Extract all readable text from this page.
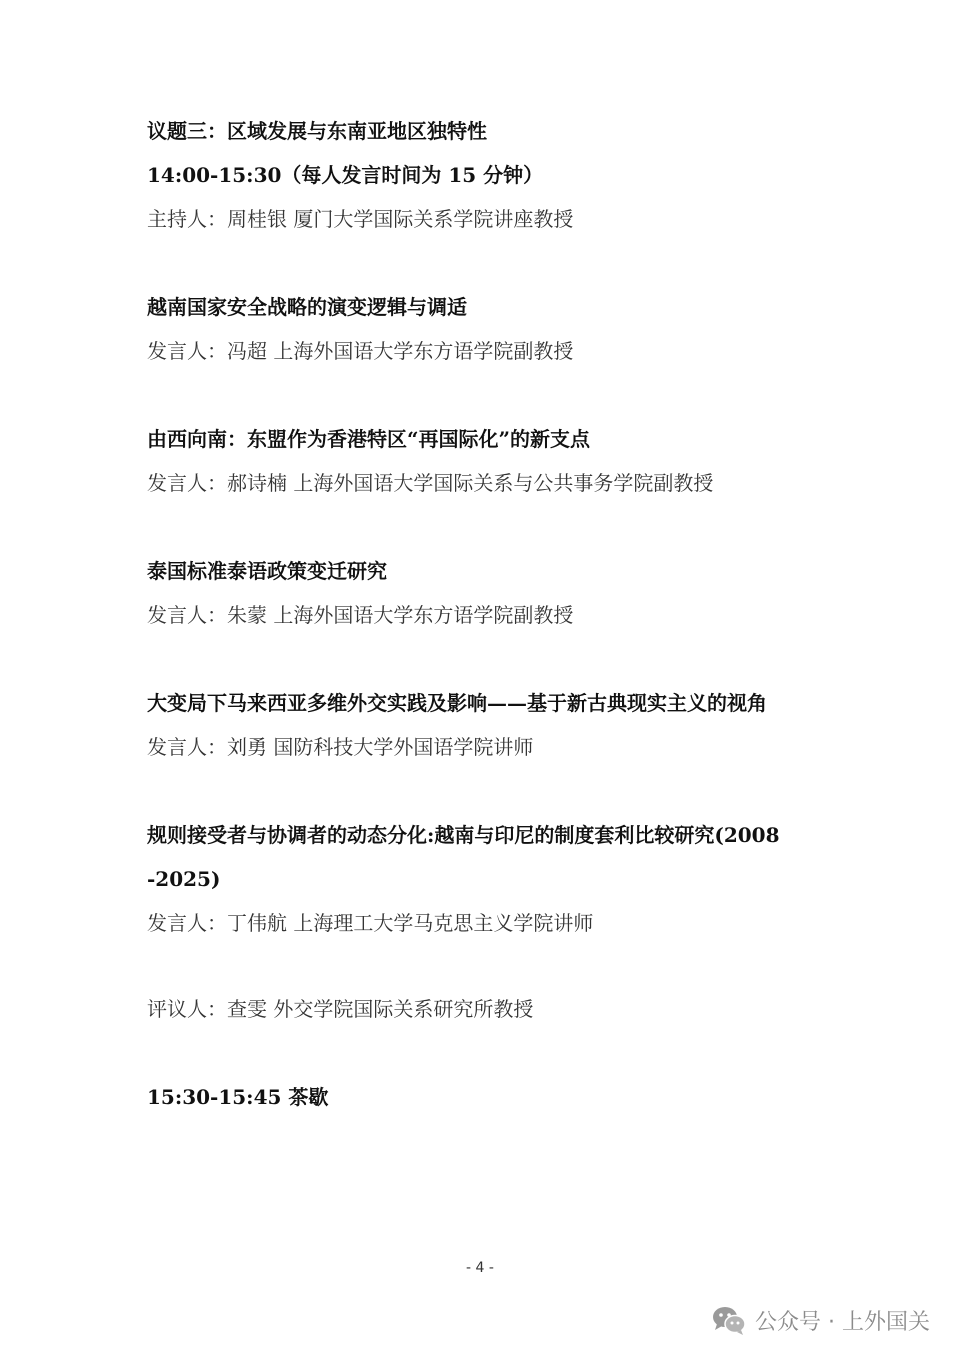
议题三：区域发展与东南亚地区独特性
14:00-15:30（每人发言时间为 15 分钟）
主持人：周桂银 厦门大学国际关系学院讲座教授
越南国家安全战略的演变逻辑与调适
发言人：冯超 上海外国语大学东方语学院副教授
由西向南：东盟作为香港特区“再国际化”的新支点
发言人：郝诗楠 上海外国语大学国际关系与公共事务学院副教授
泰国标准泰语政策变迁研究
发言人：朱蒙 上海外国语大学东方语学院副教授
大变局下马来西亚多维外交实践及影响——基于新古典现实主义的视角
发言人：刘勇 国防科技大学外国语学院讲师
规则接受者与协调者的动态分化:越南与印尼的制度套利比较研究(2008
-2025)
发言人：丁伟航 上海理工大学马克思主义学院讲师
评议人：查雯 外交学院国际关系研究所教授
15:30-15:45 茶歇
- 4 -
公众号 · 上外国关
